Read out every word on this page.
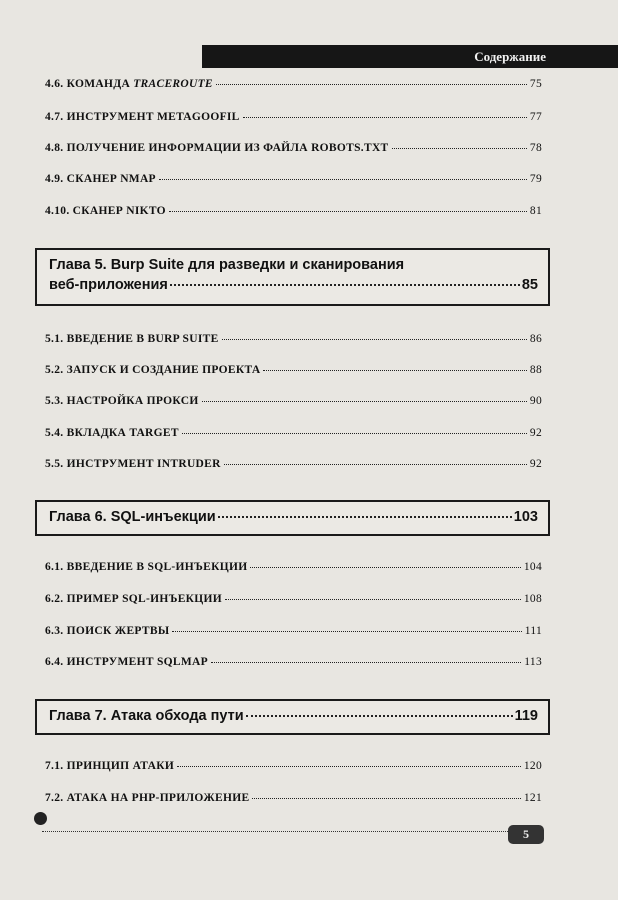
Содержание
4.6. КОМАНДА TRACEROUTE	75
4.7. ИНСТРУМЕНТ METAGOOFIL	77
4.8. ПОЛУЧЕНИЕ ИНФОРМАЦИИ ИЗ ФАЙЛА ROBOTS.TXT	78
4.9. СКАНЕР NMAP	79
4.10. СКАНЕР NIKTO	81
Глава 5. Burp Suite для разведки и сканирования
веб-приложения	85
5.1. ВВЕДЕНИЕ В BURP SUITE	86
5.2. ЗАПУСК И СОЗДАНИЕ ПРОЕКТА	88
5.3. НАСТРОЙКА ПРОКСИ	90
5.4. ВКЛАДКА TARGET	92
5.5. ИНСТРУМЕНТ INTRUDER	92
Глава 6. SQL-инъекции	103
6.1. ВВЕДЕНИЕ В SQL-ИНЪЕКЦИИ	104
6.2. ПРИМЕР SQL-ИНЪЕКЦИИ	108
6.3. ПОИСК ЖЕРТВЫ	111
6.4. ИНСТРУМЕНТ SQLMAP	113
Глава 7. Атака обхода пути	119
7.1. ПРИНЦИП АТАКИ	120
7.2. АТАКА НА PHP-ПРИЛОЖЕНИЕ	121
5
